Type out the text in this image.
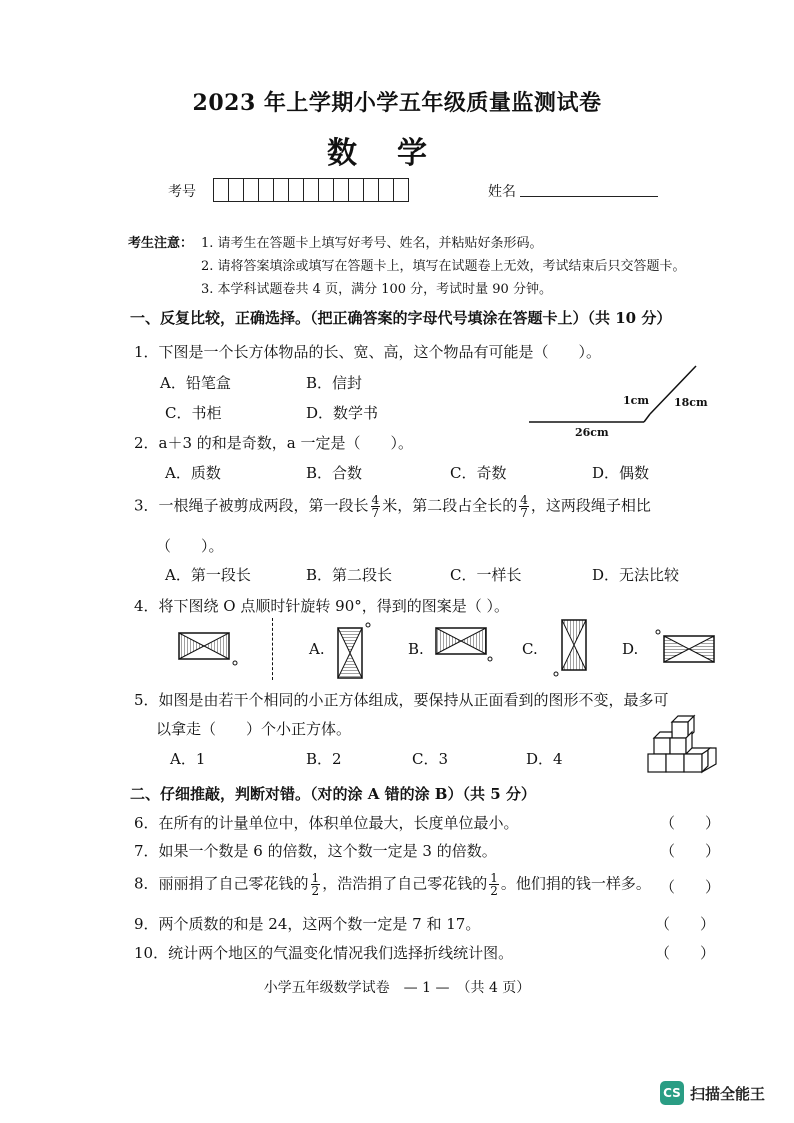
2023 年上学期小学五年级质量监测试卷
数学
考号	姓名
考生注意： 1. 请考生在答题卡上填写好考号、姓名，并粘贴好条形码。
2. 请将答案填涂或填写在答题卡上，填写在试题卷上无效，考试结束后只交答题卡。
3. 本学科试题卷共 4 页，满分 100 分，考试时量 90 分钟。
一、反复比较，正确选择。（把正确答案的字母代号填涂在答题卡上）（共 10 分）
1．下图是一个长方体物品的长、宽、高，这个物品有可能是（　　）。
A．铅笔盒	B．信封
C．书柜	D．数学书
1cm 18cm
26cm
2．a＋3 的和是奇数，a 一定是（　　）。
A．质数	B．合数	C．奇数	D．偶数
3．一根绳子被剪成两段，第一段长 $\frac{4}{7}$ 米，第二段占全长的 $\frac{4}{7}$ ，这两段绳子相比
（　　）。
A．第一段长	B．第二段长	C．一样长	D．无法比较
4．将下图绕 O 点顺时针旋转 90°，得到的图案是（ ）。
A.	B.	C.	D.
5．如图是由若干个相同的小正方体组成，要保持从正面看到的图形不变，最多可
以拿走（　　）个小正方体。
A．1	B．2	C．3	D．4
二、仔细推敲，判断对错。（对的涂 A 错的涂 B）（共 5 分）
6．在所有的计量单位中，体积单位最大，长度单位最小。	（　　）
7．如果一个数是 6 的倍数，这个数一定是 3 的倍数。	（　　）
8．丽丽捐了自己零花钱的 $\frac{1}{2}$ ，浩浩捐了自己零花钱的 $\frac{1}{2}$ 。他们捐的钱一样多。 （　　）
9．两个质数的和是 24，这两个数一定是 7 和 17。	（　　）
10．统计两个地区的气温变化情况我们选择折线统计图。	（　　）
小学五年级数学试卷　— 1 —　（共 4 页）
CS 扫描全能王
